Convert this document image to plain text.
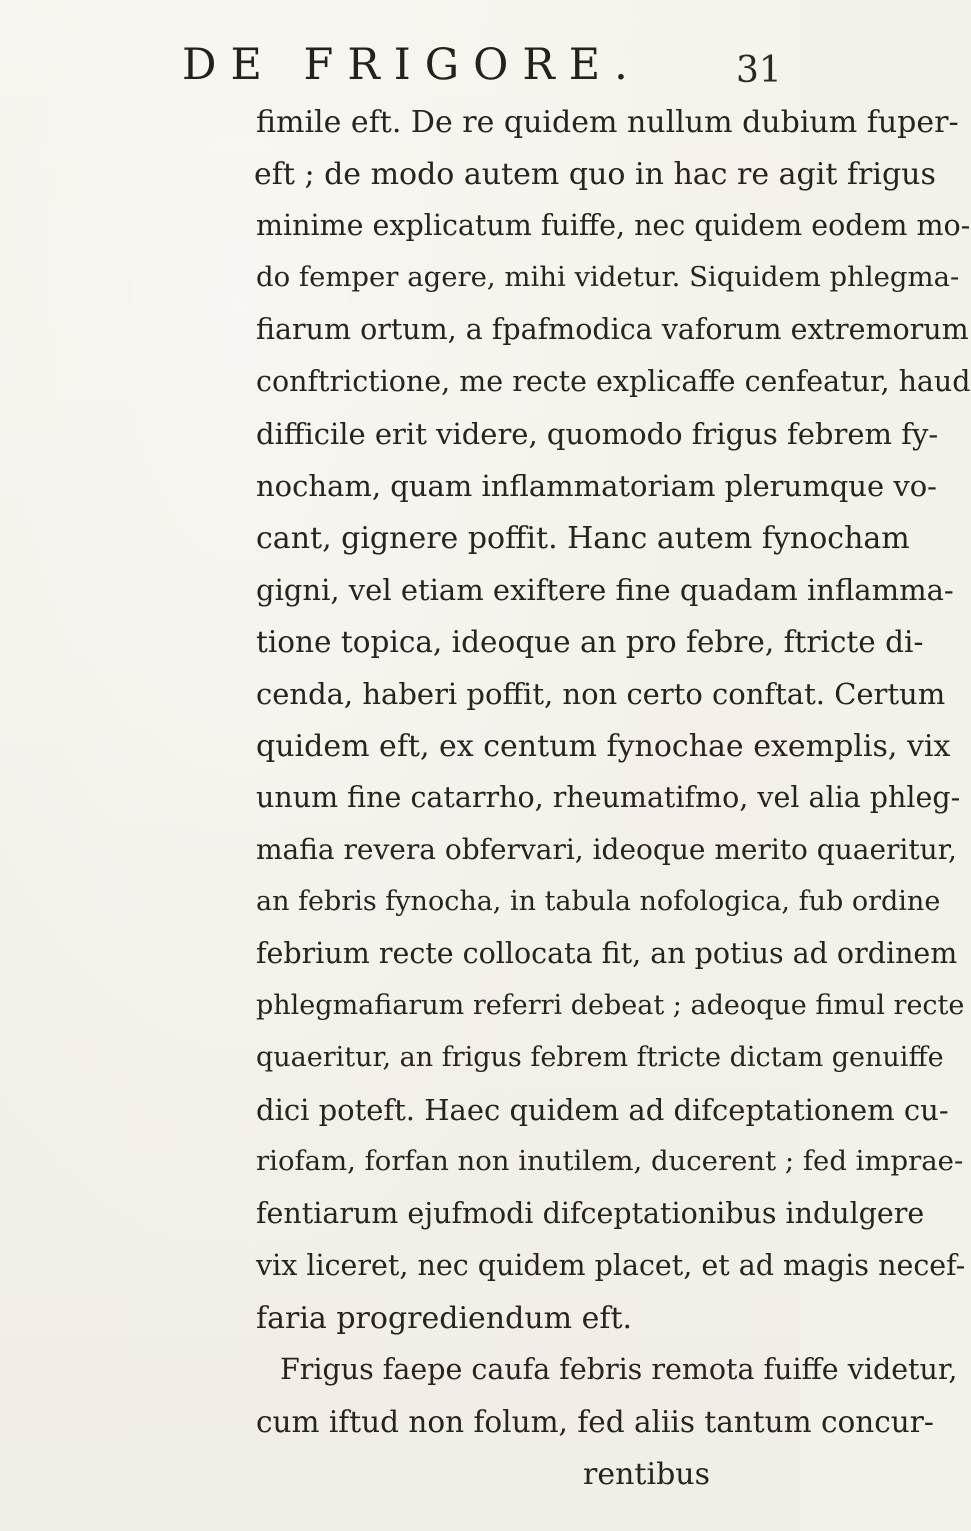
DE FRIGORE.	31
fimile eft. De re quidem nullum dubium fuper-
eft ; de modo autem quo in hac re agit frigus
minime explicatum fuiffe, nec quidem eodem mo-
do femper agere, mihi videtur. Siquidem phlegma-
fiarum ortum, a fpafmodica vaforum extremorum
conftrictione, me recte explicaffe cenfeatur, haud
difficile erit videre, quomodo frigus febrem fy-
nocham, quam inflammatoriam plerumque vo-
cant, gignere poffit. Hanc autem fynocham
gigni, vel etiam exiftere fine quadam inflamma-
tione topica, ideoque an pro febre, ftricte di-
cenda, haberi poffit, non certo conftat. Certum
quidem eft, ex centum fynochae exemplis, vix
unum fine catarrho, rheumatifmo, vel alia phleg-
mafia revera obfervari, ideoque merito quaeritur,
an febris fynocha, in tabula nofologica, fub ordine
febrium recte collocata fit, an potius ad ordinem
phlegmafiarum referri debeat ; adeoque fimul recte
quaeritur, an frigus febrem ftricte dictam genuiffe
dici poteft. Haec quidem ad difceptationem cu-
riofam, forfan non inutilem, ducerent ; fed imprae-
fentiarum ejufmodi difceptationibus indulgere
vix liceret, nec quidem placet, et ad magis necef-
faria progrediendum eft.
Frigus faepe caufa febris remota fuiffe videtur,
cum iftud non folum, fed aliis tantum concur-
rentibus
